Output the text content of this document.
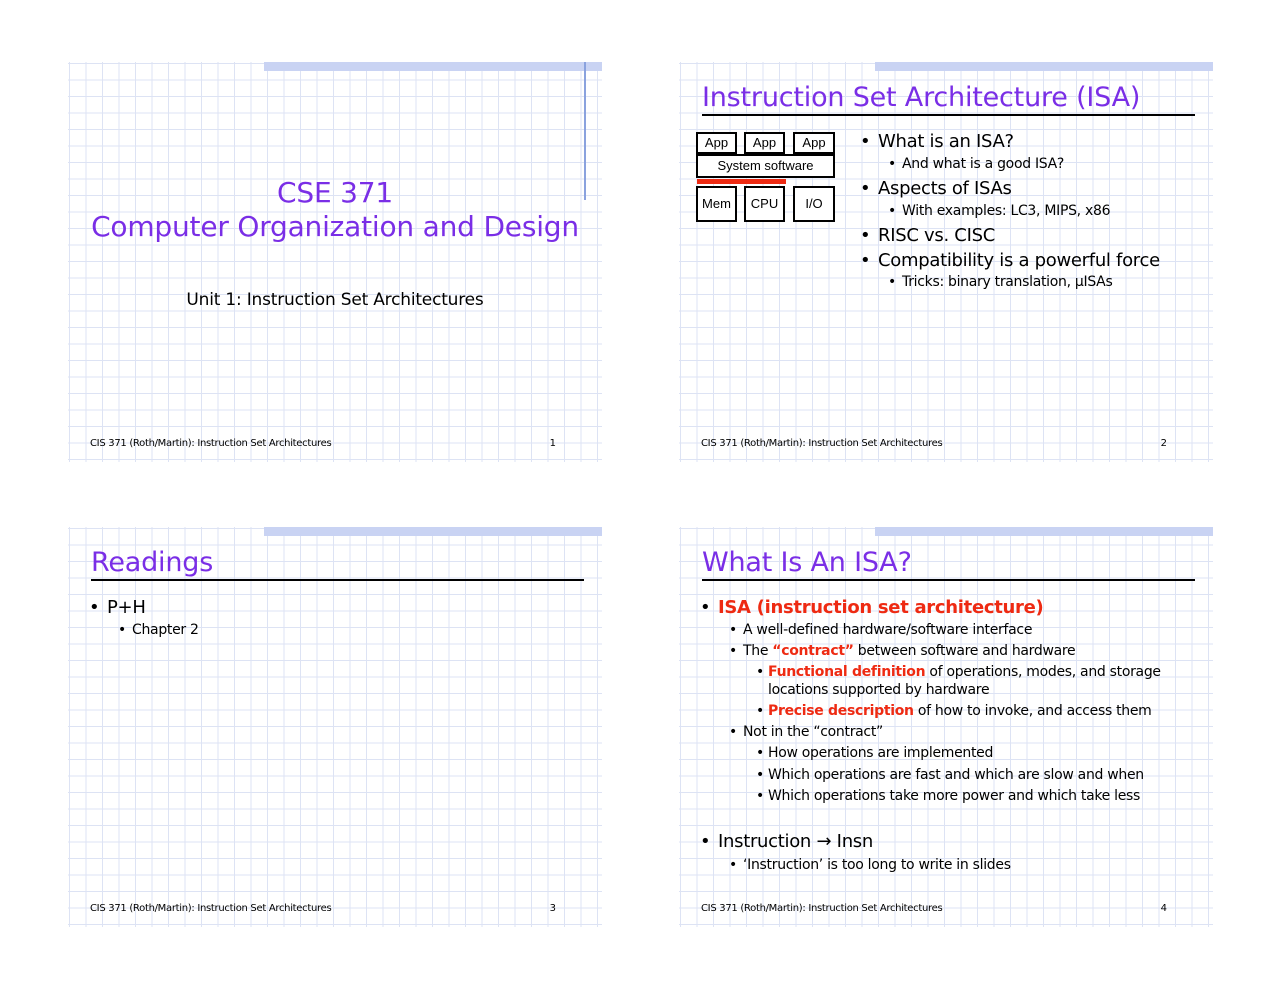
CSE 371
Computer Organization and Design
Unit 1: Instruction Set Architectures
CIS 371 (Roth/Martin): Instruction Set Architectures	1
Instruction Set Architecture (ISA)
App	App	App
System software
Mem	CPU	I/O
• What is an ISA?
• And what is a good ISA?
• Aspects of ISAs
• With examples: LC3, MIPS, x86
• RISC vs. CISC
• Compatibility is a powerful force
• Tricks: binary translation, μISAs
CIS 371 (Roth/Martin): Instruction Set Architectures	2
Readings
• P+H
• Chapter 2
CIS 371 (Roth/Martin): Instruction Set Architectures	3
What Is An ISA?
• ISA (instruction set architecture)
• A well-defined hardware/software interface
• The “contract” between software and hardware
• Functional definition of operations, modes, and storage
locations supported by hardware
• Precise description of how to invoke, and access them
• Not in the “contract”
• How operations are implemented
• Which operations are fast and which are slow and when
• Which operations take more power and which take less
• Instruction → Insn
• ‘Instruction’ is too long to write in slides
CIS 371 (Roth/Martin): Instruction Set Architectures	4
